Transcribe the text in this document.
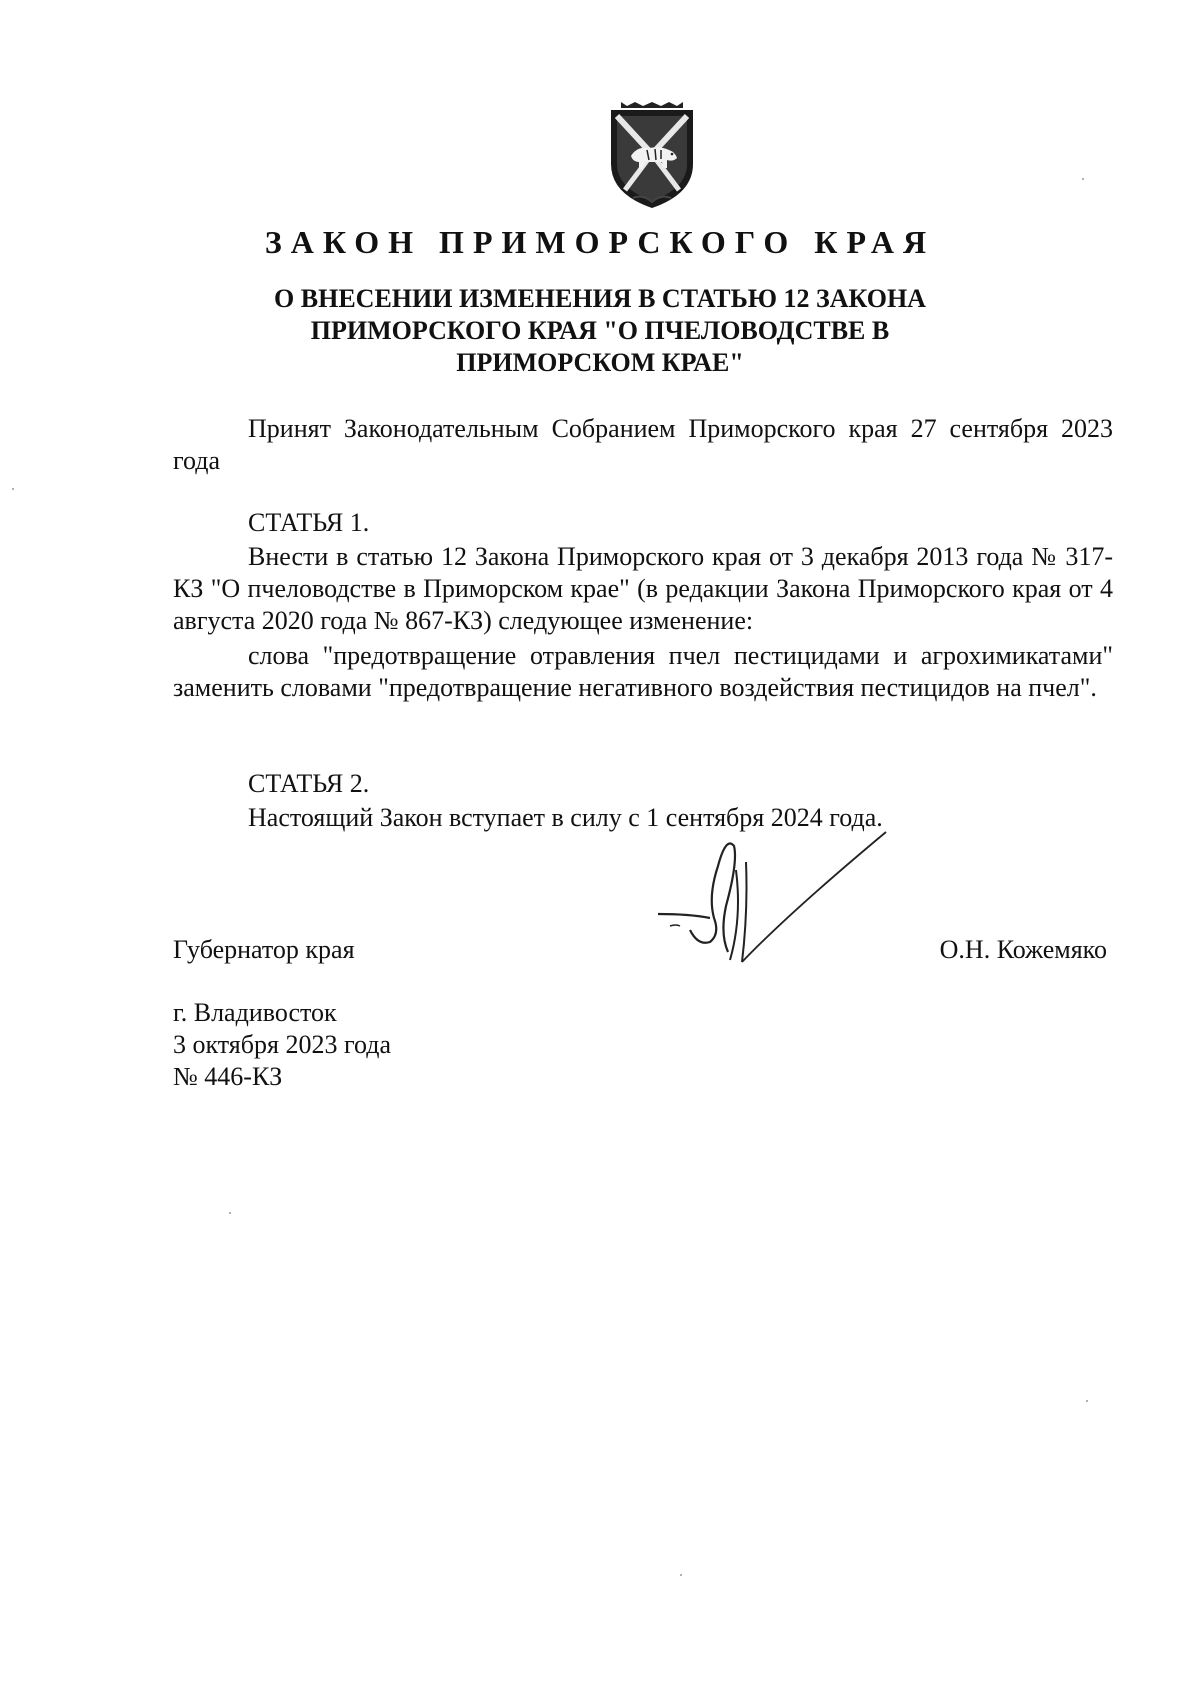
ЗАКОН ПРИМОРСКОГО КРАЯ
О ВНЕСЕНИИ ИЗМЕНЕНИЯ В СТАТЬЮ 12 ЗАКОНА ПРИМОРСКОГО КРАЯ "О ПЧЕЛОВОДСТВЕ В ПРИМОРСКОМ КРАЕ"
Принят Законодательным Собранием Приморского края 27 сентября 2023 года
СТАТЬЯ 1.
Внести в статью 12 Закона Приморского края от 3 декабря 2013 года № 317-КЗ "О пчеловодстве в Приморском крае" (в редакции Закона Приморского края от 4 августа 2020 года № 867-КЗ) следующее изменение:
слова "предотвращение отравления пчел пестицидами и агрохимикатами" заменить словами "предотвращение негативного воздействия пестицидов на пчел".
СТАТЬЯ 2.
Настоящий Закон вступает в силу с 1 сентября 2024 года.
Губернатор края	О.Н. Кожемяко
г. Владивосток
3 октября 2023 года
№ 446-КЗ
